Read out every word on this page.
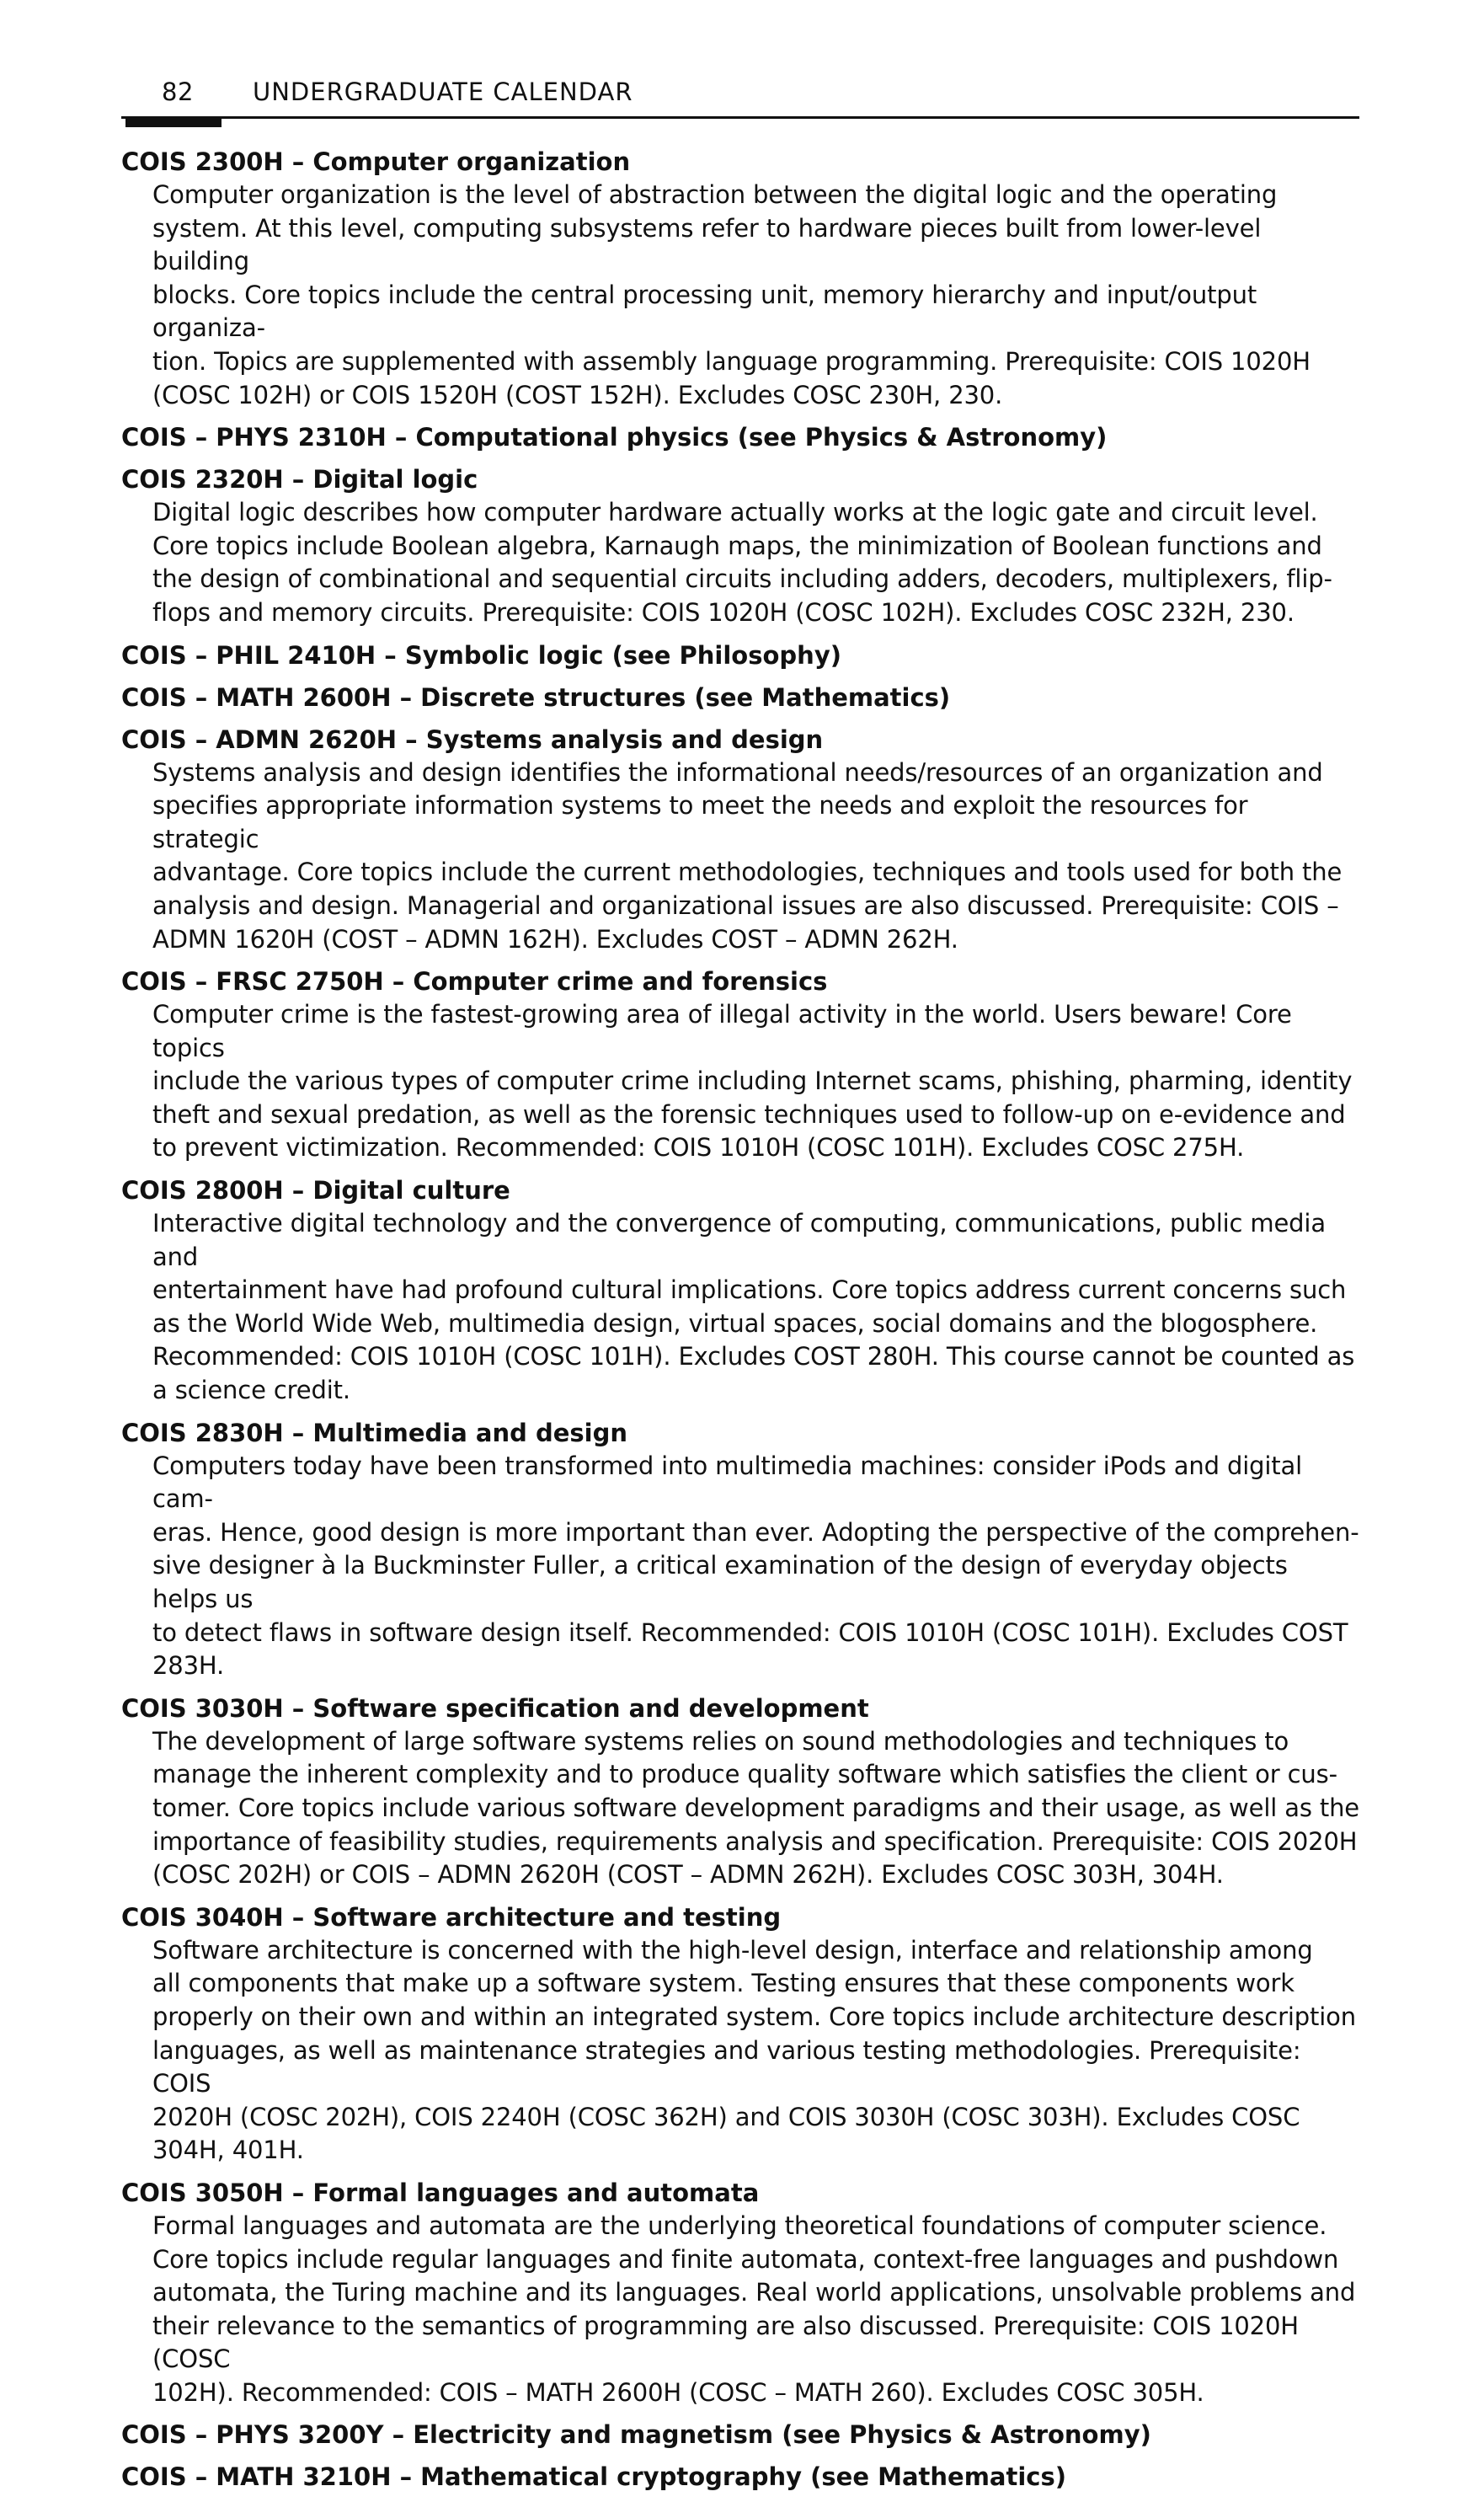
82 UNDERGRADUATE CALENDAR
COIS 2300H – Computer organization
Computer organization is the level of abstraction between the digital logic and the operating
system. At this level, computing subsystems refer to hardware pieces built from lower-level building
blocks. Core topics include the central processing unit, memory hierarchy and input/output organiza-
tion. Topics are supplemented with assembly language programming. Prerequisite: COIS 1020H
(COSC 102H) or COIS 1520H (COST 152H). Excludes COSC 230H, 230.
COIS – PHYS 2310H – Computational physics (see Physics & Astronomy)
COIS 2320H – Digital logic
Digital logic describes how computer hardware actually works at the logic gate and circuit level.
Core topics include Boolean algebra, Karnaugh maps, the minimization of Boolean functions and
the design of combinational and sequential circuits including adders, decoders, multiplexers, flip-
flops and memory circuits. Prerequisite: COIS 1020H (COSC 102H). Excludes COSC 232H, 230.
COIS – PHIL 2410H – Symbolic logic (see Philosophy)
COIS – MATH 2600H – Discrete structures (see Mathematics)
COIS – ADMN 2620H – Systems analysis and design
Systems analysis and design identifies the informational needs/resources of an organization and
specifies appropriate information systems to meet the needs and exploit the resources for strategic
advantage. Core topics include the current methodologies, techniques and tools used for both the
analysis and design. Managerial and organizational issues are also discussed. Prerequisite: COIS –
ADMN 1620H (COST – ADMN 162H). Excludes COST – ADMN 262H.
COIS – FRSC 2750H – Computer crime and forensics
Computer crime is the fastest-growing area of illegal activity in the world. Users beware! Core topics
include the various types of computer crime including Internet scams, phishing, pharming, identity
theft and sexual predation, as well as the forensic techniques used to follow-up on e-evidence and
to prevent victimization. Recommended: COIS 1010H (COSC 101H). Excludes COSC 275H.
COIS 2800H – Digital culture
Interactive digital technology and the convergence of computing, communications, public media and
entertainment have had profound cultural implications. Core topics address current concerns such
as the World Wide Web, multimedia design, virtual spaces, social domains and the blogosphere.
Recommended: COIS 1010H (COSC 101H). Excludes COST 280H. This course cannot be counted as
a science credit.
COIS 2830H – Multimedia and design
Computers today have been transformed into multimedia machines: consider iPods and digital cam-
eras. Hence, good design is more important than ever. Adopting the perspective of the comprehen-
sive designer à la Buckminster Fuller, a critical examination of the design of everyday objects helps us
to detect flaws in software design itself. Recommended: COIS 1010H (COSC 101H). Excludes COST
283H.
COIS 3030H – Software specification and development
The development of large software systems relies on sound methodologies and techniques to
manage the inherent complexity and to produce quality software which satisfies the client or cus-
tomer. Core topics include various software development paradigms and their usage, as well as the
importance of feasibility studies, requirements analysis and specification. Prerequisite: COIS 2020H
(COSC 202H) or COIS – ADMN 2620H (COST – ADMN 262H). Excludes COSC 303H, 304H.
COIS 3040H – Software architecture and testing
Software architecture is concerned with the high-level design, interface and relationship among
all components that make up a software system. Testing ensures that these components work
properly on their own and within an integrated system. Core topics include architecture description
languages, as well as maintenance strategies and various testing methodologies. Prerequisite: COIS
2020H (COSC 202H), COIS 2240H (COSC 362H) and COIS 3030H (COSC 303H). Excludes COSC
304H, 401H.
COIS 3050H – Formal languages and automata
Formal languages and automata are the underlying theoretical foundations of computer science.
Core topics include regular languages and finite automata, context-free languages and pushdown
automata, the Turing machine and its languages. Real world applications, unsolvable problems and
their relevance to the semantics of programming are also discussed. Prerequisite: COIS 1020H (COSC
102H). Recommended: COIS – MATH 2600H (COSC – MATH 260). Excludes COSC 305H.
COIS – PHYS 3200Y – Electricity and magnetism (see Physics & Astronomy)
COIS – MATH 3210H – Mathematical cryptography (see Mathematics)
